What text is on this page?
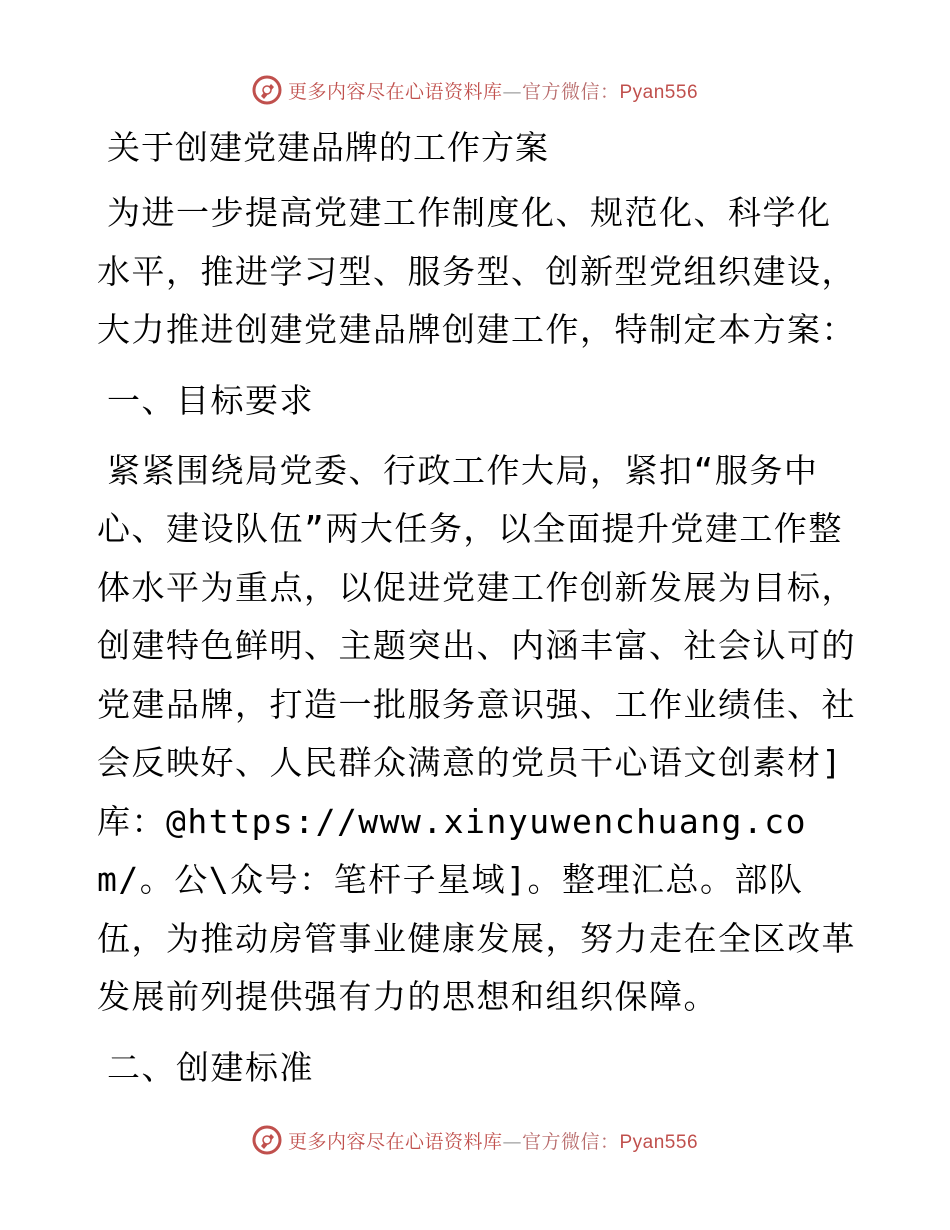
更多内容尽在心语资料库—官方微信：Pyan556
关于创建党建品牌的工作方案
为进一步提高党建工作制度化、规范化、科学化水平，推进学习型、服务型、创新型党组织建设，大力推进创建党建品牌创建工作，特制定本方案：
一、目标要求
紧紧围绕局党委、行政工作大局，紧扣“服务中心、建设队伍”两大任务，以全面提升党建工作整体水平为重点，以促进党建工作创新发展为目标，创建特色鲜明、主题突出、内涵丰富、社会认可的党建品牌，打造一批服务意识强、工作业绩佳、社会反映好、人民群众满意的党员干心语文创素材]库：@https://www.xinyuwenchuang.com/。公\众号：笔杆子星域]。整理汇总。部队伍，为推动房管事业健康发展，努力走在全区改革发展前列提供强有力的思想和组织保障。
二、创建标准
更多内容尽在心语资料库—官方微信：Pyan556
